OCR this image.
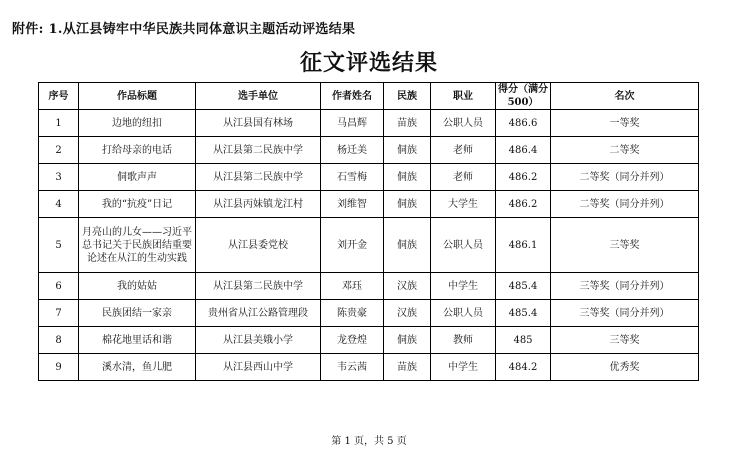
附件: 1.从江县铸牢中华民族共同体意识主题活动评选结果
征文评选结果
序号	作品标题	选手单位	作者姓名	民族	职业	得分（满分500）	名次
1	边地的纽扣	从江县国有林场	马昌辉	苗族	公职人员	486.6	一等奖
2	打给母亲的电话	从江县第二民族中学	杨迁美	侗族	老师	486.4	二等奖
3	侗歌声声	从江县第二民族中学	石雪梅	侗族	老师	486.2	二等奖（同分并列）
4	我的“抗疫”日记	从江县丙妹镇龙江村	刘维智	侗族	大学生	486.2	二等奖（同分并列）
5	月亮山的儿女——习近平总书记关于民族团结重要论述在从江的生动实践	从江县委党校	刘开金	侗族	公职人员	486.1	三等奖
6	我的姑姑	从江县第二民族中学	邓珏	汉族	中学生	485.4	三等奖（同分并列）
7	民族团结一家亲	贵州省从江公路管理段	陈贵豪	汉族	公职人员	485.4	三等奖（同分并列）
8	棉花地里话和谐	从江县美娥小学	龙登煌	侗族	教师	485	三等奖
9	溪水清，鱼儿肥	从江县西山中学	韦云茜	苗族	中学生	484.2	优秀奖
第 1 页，共 5 页
